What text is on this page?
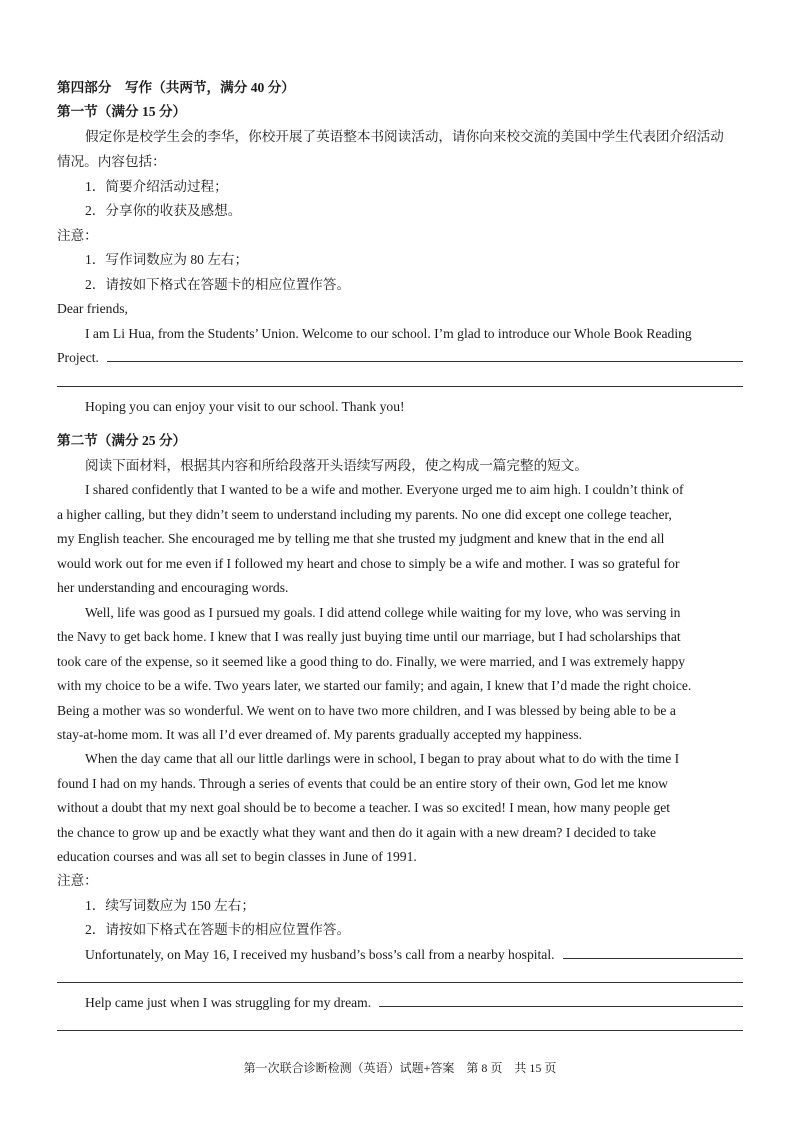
第四部分　写作（共两节，满分 40 分）
第一节（满分 15 分）
假定你是校学生会的李华，你校开展了英语整本书阅读活动，请你向来校交流的美国中学生代表团介绍活动
情况。内容包括：
1．简要介绍活动过程；
2．分享你的收获及感想。
注意：
1．写作词数应为 80 左右；
2．请按如下格式在答题卡的相应位置作答。
Dear friends,
I am Li Hua, from the Students’ Union. Welcome to our school. I’m glad to introduce our Whole Book Reading
Project.
Hoping you can enjoy your visit to our school. Thank you!
第二节（满分 25 分）
阅读下面材料，根据其内容和所给段落开头语续写两段，使之构成一篇完整的短文。
I shared confidently that I wanted to be a wife and mother. Everyone urged me to aim high. I couldn’t think of
a higher calling, but they didn’t seem to understand including my parents. No one did except one college teacher,
my English teacher. She encouraged me by telling me that she trusted my judgment and knew that in the end all
would work out for me even if I followed my heart and chose to simply be a wife and mother. I was so grateful for
her understanding and encouraging words.
Well, life was good as I pursued my goals. I did attend college while waiting for my love, who was serving in
the Navy to get back home. I knew that I was really just buying time until our marriage, but I had scholarships that
took care of the expense, so it seemed like a good thing to do. Finally, we were married, and I was extremely happy
with my choice to be a wife. Two years later, we started our family; and again, I knew that I’d made the right choice.
Being a mother was so wonderful. We went on to have two more children, and I was blessed by being able to be a
stay-at-home mom. It was all I’d ever dreamed of. My parents gradually accepted my happiness.
When the day came that all our little darlings were in school, I began to pray about what to do with the time I
found I had on my hands. Through a series of events that could be an entire story of their own, God let me know
without a doubt that my next goal should be to become a teacher. I was so excited! I mean, how many people get
the chance to grow up and be exactly what they want and then do it again with a new dream? I decided to take
education courses and was all set to begin classes in June of 1991.
注意：
1．续写词数应为 150 左右；
2．请按如下格式在答题卡的相应位置作答。
Unfortunately, on May 16, I received my husband’s boss’s call from a nearby hospital.
Help came just when I was struggling for my dream.
第一次联合诊断检测（英语）试题+答案　第 8 页　共 15 页
